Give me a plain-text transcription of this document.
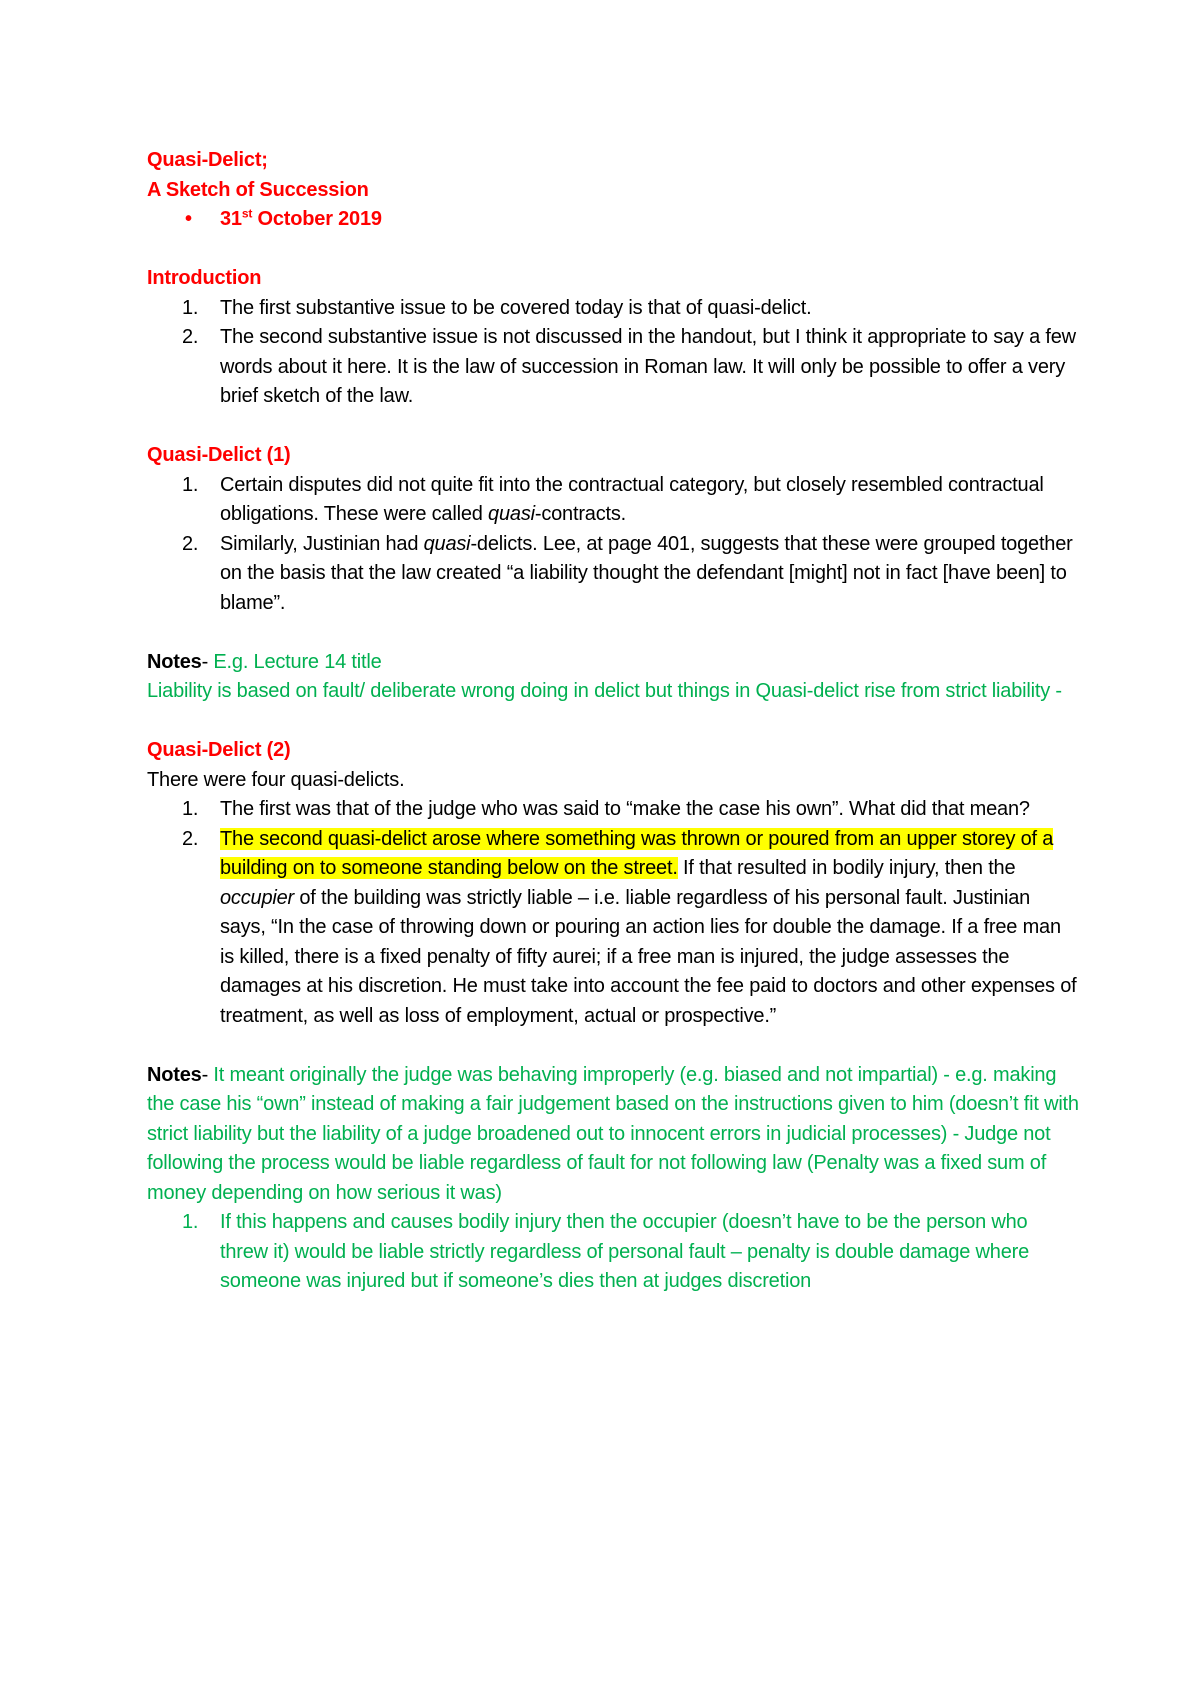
Quasi-Delict;

A Sketch of Succession

• 31st October 2019

Introduction

1. The first substantive issue to be covered today is that of quasi-delict.
2. The second substantive issue is not discussed in the handout, but I think it appropriate to say a few words about it here. It is the law of succession in Roman law. It will only be possible to offer a very brief sketch of the law.

Quasi-Delict (1)

1. Certain disputes did not quite fit into the contractual category, but closely resembled contractual obligations. These were called quasi-contracts.
2. Similarly, Justinian had quasi-delicts. Lee, at page 401, suggests that these were grouped together on the basis that the law created “a liability thought the defendant [might] not in fact [have been] to blame”.

Notes- E.g. Lecture 14 title

Liability is based on fault/ deliberate wrong doing in delict but things in Quasi-delict rise from strict liability -

Quasi-Delict (2)

There were four quasi-delicts.

1. The first was that of the judge who was said to “make the case his own”. What did that mean?
2. The second quasi-delict arose where something was thrown or poured from an upper storey of a building on to someone standing below on the street. If that resulted in bodily injury, then the occupier of the building was strictly liable – i.e. liable regardless of his personal fault. Justinian says, “In the case of throwing down or pouring an action lies for double the damage. If a free man is killed, there is a fixed penalty of fifty aurei; if a free man is injured, the judge assesses the damages at his discretion. He must take into account the fee paid to doctors and other expenses of treatment, as well as loss of employment, actual or prospective.”

Notes- It meant originally the judge was behaving improperly (e.g. biased and not impartial) - e.g. making the case his “own” instead of making a fair judgement based on the instructions given to him (doesn’t fit with strict liability but the liability of a judge broadened out to innocent errors in judicial processes) - Judge not following the process would be liable regardless of fault for not following law (Penalty was a fixed sum of money depending on how serious it was)

1. If this happens and causes bodily injury then the occupier (doesn’t have to be the person who threw it) would be liable strictly regardless of personal fault – penalty is double damage where someone was injured but if someone’s dies then at judges discretion
